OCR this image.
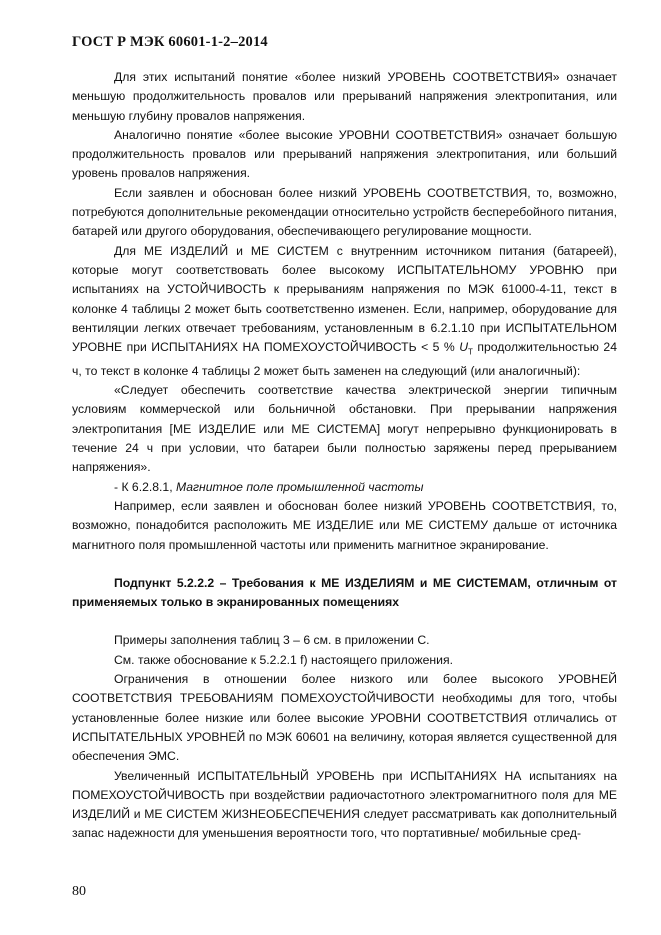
ГОСТ Р МЭК 60601-1-2–2014

Для этих испытаний понятие «более низкий УРОВЕНЬ СООТВЕТСТВИЯ» означает меньшую продолжительность провалов или прерываний напряжения электропитания, или меньшую глубину провалов напряжения.

Аналогично понятие «более высокие УРОВНИ СООТВЕТСТВИЯ» означает большую продолжительность провалов или прерываний напряжения электропитания, или больший уровень провалов напряжения.

Если заявлен и обоснован более низкий УРОВЕНЬ СООТВЕТСТВИЯ, то, возможно, потребуются дополнительные рекомендации относительно устройств бесперебойного питания, батарей или другого оборудования, обеспечивающего регулирование мощности.

Для МЕ ИЗДЕЛИЙ и МЕ СИСТЕМ с внутренним источником питания (батареей), которые могут соответствовать более высокому ИСПЫТАТЕЛЬНОМУ УРОВНЮ при испытаниях на УСТОЙЧИВОСТЬ к прерываниям напряжения по МЭК 61000-4-11, текст в колонке 4 таблицы 2 может быть соответственно изменен. Если, например, оборудование для вентиляции легких отвечает требованиям, установленным в 6.2.1.10 при ИСПЫТАТЕЛЬНОМ УРОВНЕ при ИСПЫТАНИЯХ НА ПОМЕХОУСТОЙЧИВОСТЬ < 5 % $U_T$ продолжительностью 24 ч, то текст в колонке 4 таблицы 2 может быть заменен на следующий (или аналогичный):

«Следует обеспечить соответствие качества электрической энергии типичным условиям коммерческой или больничной обстановки. При прерывании напряжения электропитания [МЕ ИЗДЕЛИЕ или МЕ СИСТЕМА] могут непрерывно функционировать в течение 24 ч при условии, что батареи были полностью заряжены перед прерыванием напряжения».

- К 6.2.8.1, Магнитное поле промышленной частоты

Например, если заявлен и обоснован более низкий УРОВЕНЬ СООТВЕТСТВИЯ, то, возможно, понадобится расположить МЕ ИЗДЕЛИЕ или МЕ СИСТЕМУ дальше от источника магнитного поля промышленной частоты или применить магнитное экранирование.

Подпункт 5.2.2.2 – Требования к МЕ ИЗДЕЛИЯМ и МЕ СИСТЕМАМ, отличным от применяемых только в экранированных помещениях

Примеры заполнения таблиц 3 – 6 см. в приложении С.

См. также обоснование к 5.2.2.1 f) настоящего приложения.

Ограничения в отношении более низкого или более высокого УРОВНЕЙ СООТВЕТСТВИЯ ТРЕБОВАНИЯМ ПОМЕХОУСТОЙЧИВОСТИ необходимы для того, чтобы установленные более низкие или более высокие УРОВНИ СООТВЕТСТВИЯ отличались от ИСПЫТАТЕЛЬНЫХ УРОВНЕЙ по МЭК 60601 на величину, которая является существенной для обеспечения ЭМС.

Увеличенный ИСПЫТАТЕЛЬНЫЙ УРОВЕНЬ при ИСПЫТАНИЯХ НА испытаниях на ПОМЕХОУСТОЙЧИВОСТЬ при воздействии радиочастотного электромагнитного поля для МЕ ИЗДЕЛИЙ и МЕ СИСТЕМ ЖИЗНЕОБЕСПЕЧЕНИЯ следует рассматривать как дополнительный запас надежности для уменьшения вероятности того, что портативные/ мобильные сред-

80
